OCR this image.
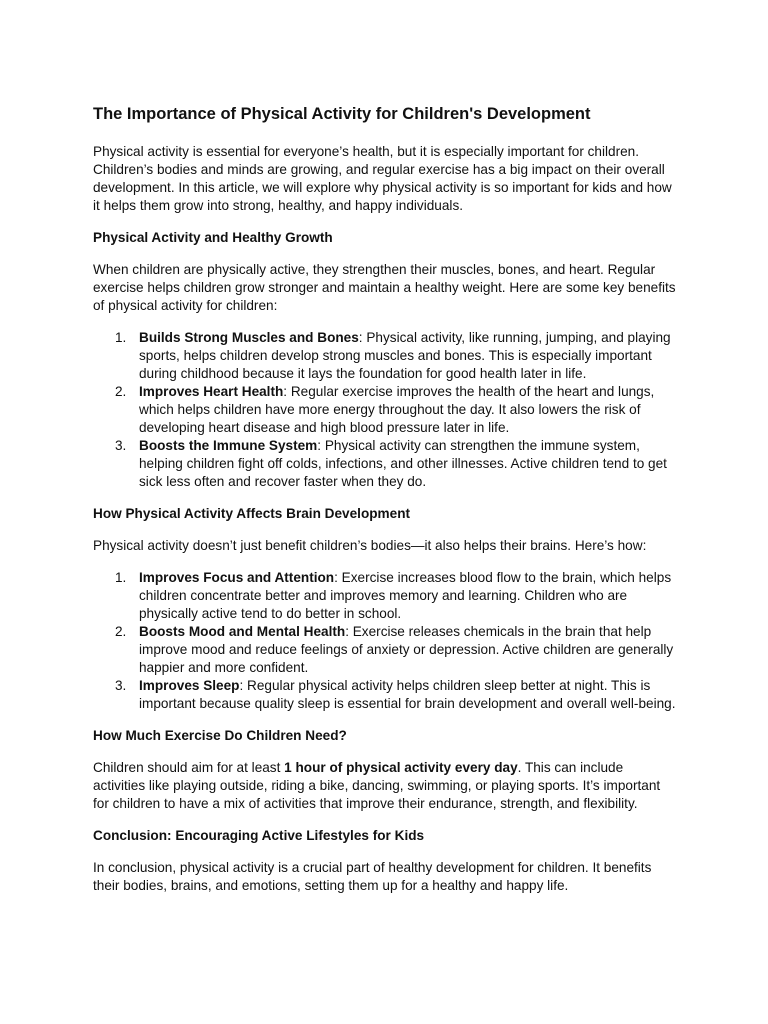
The Importance of Physical Activity for Children's Development

Physical activity is essential for everyone’s health, but it is especially important for children. Children’s bodies and minds are growing, and regular exercise has a big impact on their overall development. In this article, we will explore why physical activity is so important for kids and how it helps them grow into strong, healthy, and happy individuals.

Physical Activity and Healthy Growth

When children are physically active, they strengthen their muscles, bones, and heart. Regular exercise helps children grow stronger and maintain a healthy weight. Here are some key benefits of physical activity for children:

1. Builds Strong Muscles and Bones: Physical activity, like running, jumping, and playing sports, helps children develop strong muscles and bones. This is especially important during childhood because it lays the foundation for good health later in life.
2. Improves Heart Health: Regular exercise improves the health of the heart and lungs, which helps children have more energy throughout the day. It also lowers the risk of developing heart disease and high blood pressure later in life.
3. Boosts the Immune System: Physical activity can strengthen the immune system, helping children fight off colds, infections, and other illnesses. Active children tend to get sick less often and recover faster when they do.
How Physical Activity Affects Brain Development

Physical activity doesn’t just benefit children’s bodies—it also helps their brains. Here’s how:

1. Improves Focus and Attention: Exercise increases blood flow to the brain, which helps children concentrate better and improves memory and learning. Children who are physically active tend to do better in school.
2. Boosts Mood and Mental Health: Exercise releases chemicals in the brain that help improve mood and reduce feelings of anxiety or depression. Active children are generally happier and more confident.
3. Improves Sleep: Regular physical activity helps children sleep better at night. This is important because quality sleep is essential for brain development and overall well-being.
How Much Exercise Do Children Need?

Children should aim for at least 1 hour of physical activity every day. This can include activities like playing outside, riding a bike, dancing, swimming, or playing sports. It’s important for children to have a mix of activities that improve their endurance, strength, and flexibility.

Conclusion: Encouraging Active Lifestyles for Kids

In conclusion, physical activity is a crucial part of healthy development for children. It benefits their bodies, brains, and emotions, setting them up for a healthy and happy life.
